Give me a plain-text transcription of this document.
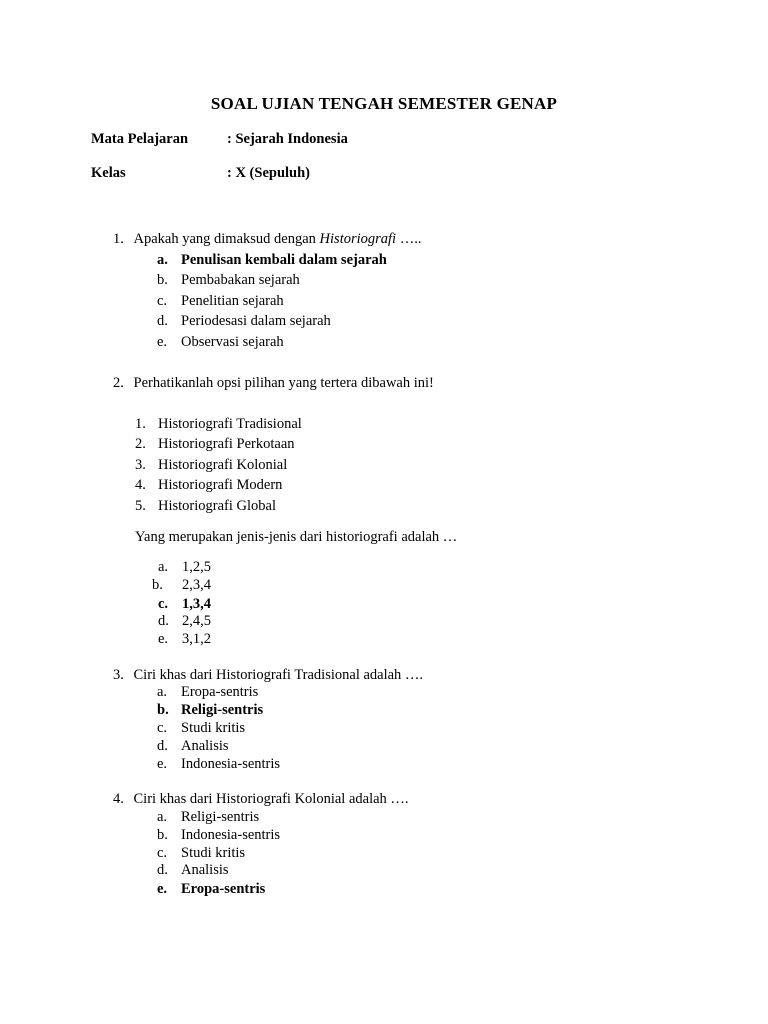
SOAL UJIAN TENGAH SEMESTER GENAP
Mata Pelajaran	: Sejarah Indonesia
Kelas	: X (Sepuluh)
1. Apakah yang dimaksud dengan Historiografi …..
a. Penulisan kembali dalam sejarah
b. Pembabakan sejarah
c. Penelitian sejarah
d. Periodesasi dalam sejarah
e. Observasi sejarah
2. Perhatikanlah opsi pilihan yang tertera dibawah ini!
1. Historiografi Tradisional
2. Historiografi Perkotaan
3. Historiografi Kolonial
4. Historiografi Modern
5. Historiografi Global
Yang merupakan jenis-jenis dari historiografi adalah …
a. 1,2,5
b. 2,3,4
c. 1,3,4
d. 2,4,5
e. 3,1,2
3. Ciri khas dari Historiografi Tradisional adalah ….
a. Eropa-sentris
b. Religi-sentris
c. Studi kritis
d. Analisis
e. Indonesia-sentris
4. Ciri khas dari Historiografi Kolonial adalah ….
a. Religi-sentris
b. Indonesia-sentris
c. Studi kritis
d. Analisis
e. Eropa-sentris
